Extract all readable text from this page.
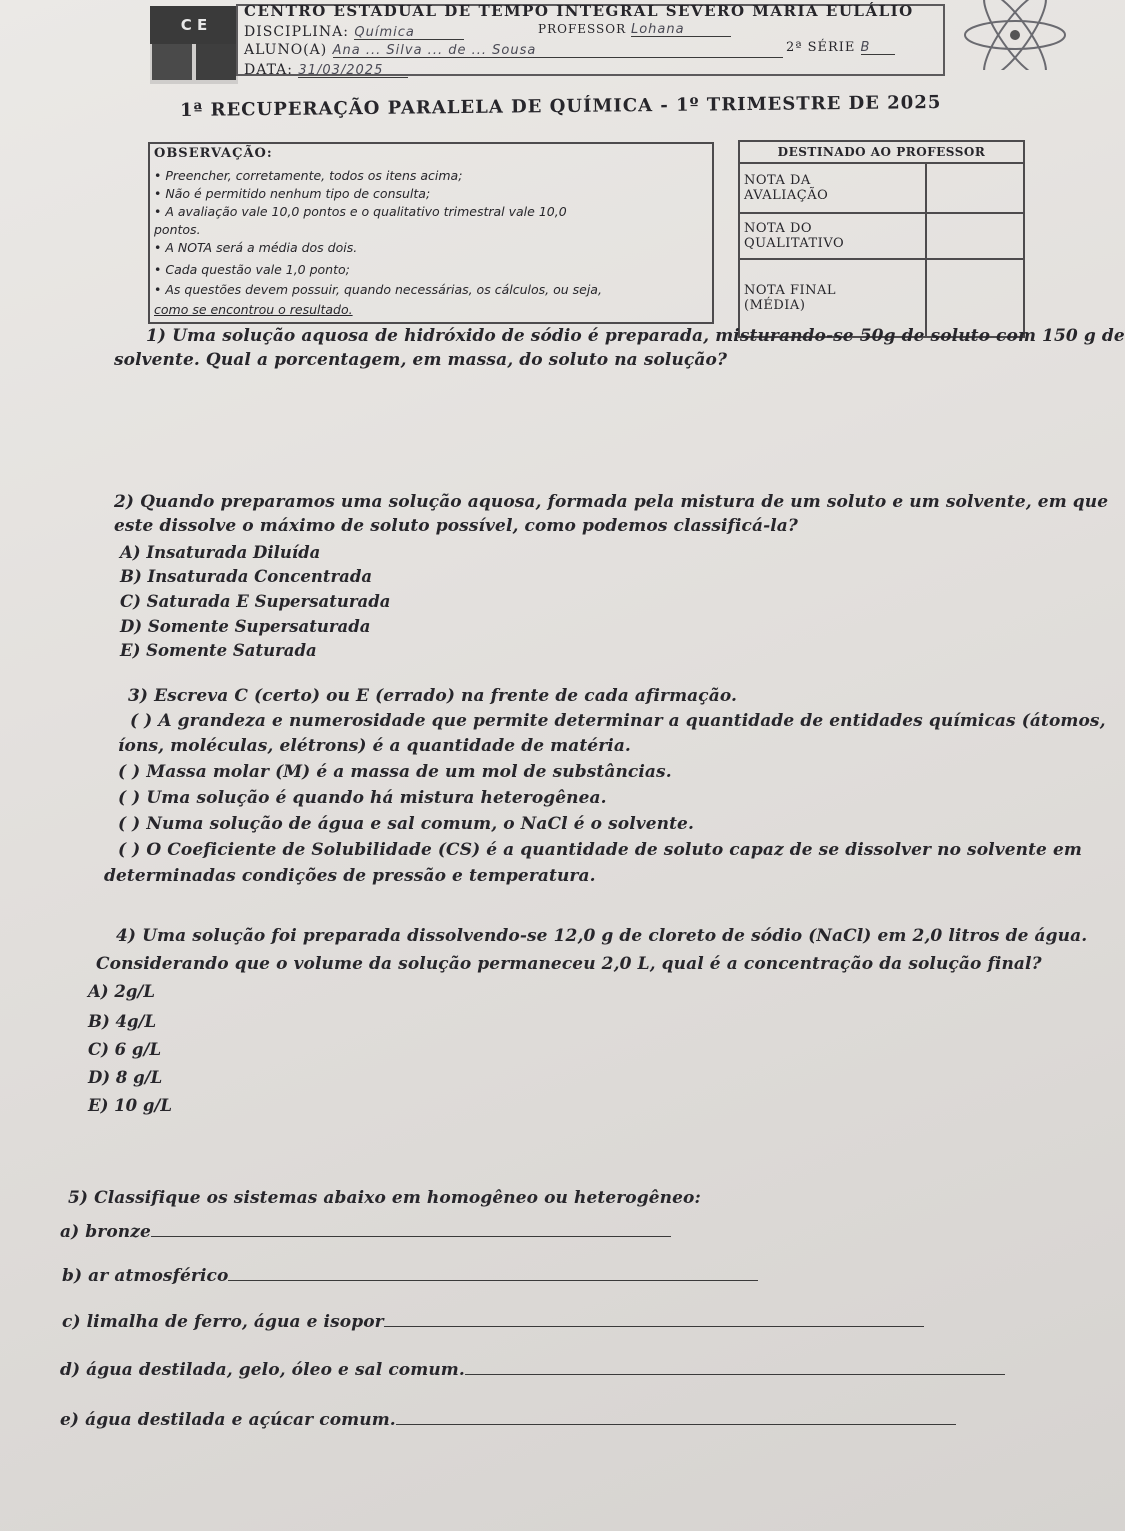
C E
CENTRO ESTADUAL DE TEMPO INTEGRAL SEVERO MARIA EULÁLIO
DISCIPLINA: Química	PROFESSOR Lohana
ALUNO(A) Ana ... Silva ... de ... Sousa	2ª SÉRIE B
DATA: 31/03/2025
1ª RECUPERAÇÃO PARALELA DE QUÍMICA - 1º TRIMESTRE DE 2025
OBSERVAÇÃO:
• Preencher, corretamente, todos os itens acima;
• Não é permitido nenhum tipo de consulta;
• A avaliação vale 10,0 pontos e o qualitativo trimestral vale 10,0
pontos.
• A NOTA será a média dos dois.
• Cada questão vale 1,0 ponto;
• As questões devem possuir, quando necessárias, os cálculos, ou seja,
como se encontrou o resultado.
DESTINADO AO PROFESSOR	
NOTA DA
AVALIAÇÃO	
NOTA DO
QUALITATIVO	
NOTA FINAL
(MÉDIA)	
1) Uma solução aquosa de hidróxido de sódio é preparada, misturando-se 50g de soluto com 150 g de
solvente. Qual a porcentagem, em massa, do soluto na solução?
2) Quando preparamos uma solução aquosa, formada pela mistura de um soluto e um solvente, em que
este dissolve o máximo de soluto possível, como podemos classificá-la?
A) Insaturada Diluída
B) Insaturada Concentrada
C) Saturada E Supersaturada
D) Somente Supersaturada
E) Somente Saturada
3) Escreva C (certo) ou E (errado) na frente de cada afirmação.
( ) A grandeza e numerosidade que permite determinar a quantidade de entidades químicas (átomos,
íons, moléculas, elétrons) é a quantidade de matéria.
( ) Massa molar (M) é a massa de um mol de substâncias.
( ) Uma solução é quando há mistura heterogênea.
( ) Numa solução de água e sal comum, o NaCl é o solvente.
( ) O Coeficiente de Solubilidade (CS) é a quantidade de soluto capaz de se dissolver no solvente em
determinadas condições de pressão e temperatura.
4) Uma solução foi preparada dissolvendo-se 12,0 g de cloreto de sódio (NaCl) em 2,0 litros de água.
Considerando que o volume da solução permaneceu 2,0 L, qual é a concentração da solução final?
A) 2g/L
B) 4g/L
C) 6 g/L
D) 8 g/L
E) 10 g/L
5) Classifique os sistemas abaixo em homogêneo ou heterogêneo:
a) bronze
b) ar atmosférico
c) limalha de ferro, água e isopor
d) água destilada, gelo, óleo e sal comum.
e) água destilada e açúcar comum.
